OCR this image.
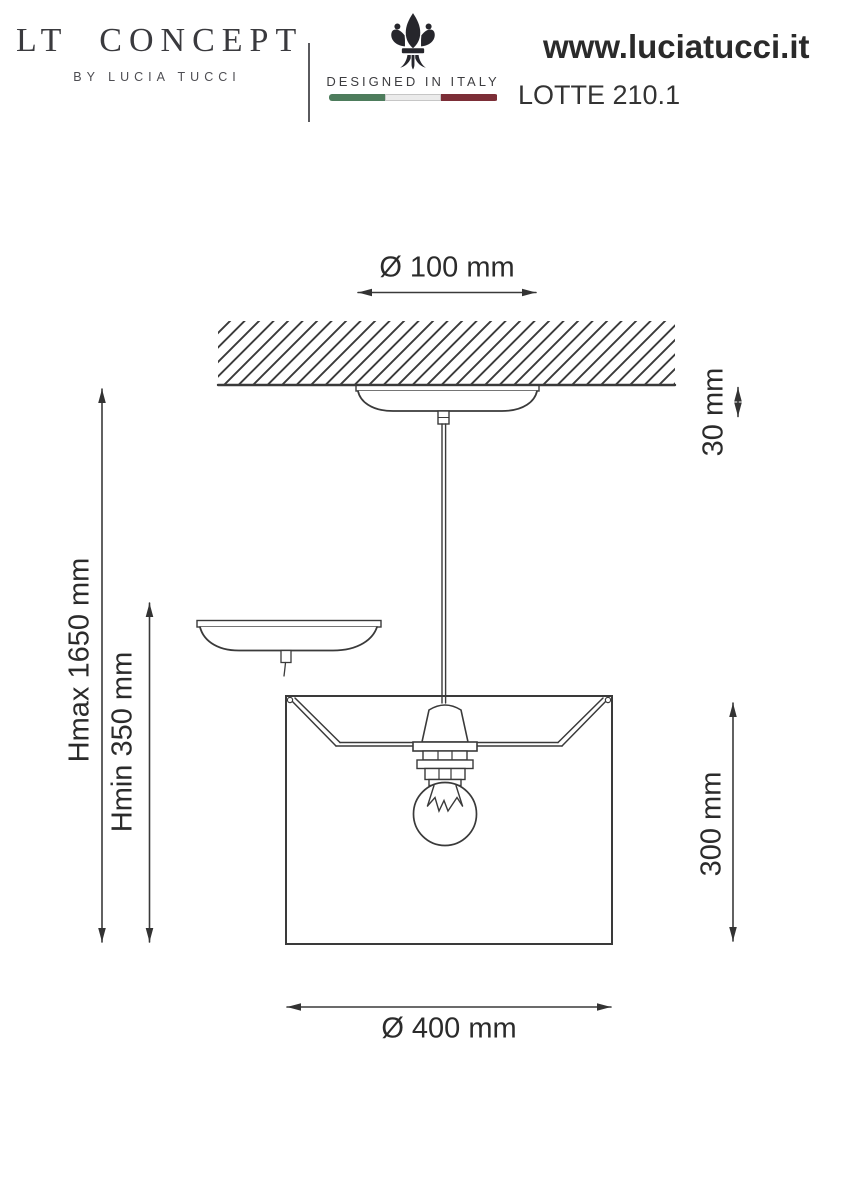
LT CONCEPT
BY LUCIA TUCCI	DESIGNED IN ITALY
www.luciatucci.it
LOTTE 210.1
Ø 100 mm
30 mm
Hmax 1650 mm Hmin 350 mm	300 mm
Ø 400 mm
